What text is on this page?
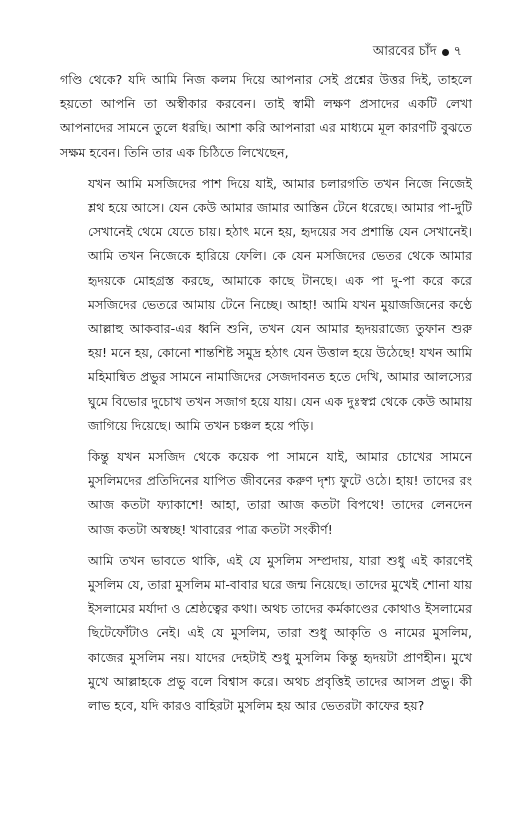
আরবের চাঁদ ৭

গণ্ডি থেকে? যদি আমি নিজ কলম দিয়ে আপনার সেই প্রশ্নের উত্তর দিই, তাহলে হয়তো আপনি তা অস্বীকার করবেন। তাই স্বামী লক্ষণ প্রসাদের একটি লেখা আপনাদের সামনে তুলে ধরছি। আশা করি আপনারা এর মাধ্যমে মূল কারণটি বুঝতে সক্ষম হবেন। তিনি তার এক চিঠিতে লিখেছেন,

যখন আমি মসজিদের পাশ দিয়ে যাই, আমার চলারগতি তখন নিজে নিজেই শ্লথ হয়ে আসে। যেন কেউ আমার জামার আস্তিন টেনে ধরেছে। আমার পা-দুটি সেখানেই থেমে যেতে চায়। হঠাৎ মনে হয়, হৃদয়ের সব প্রশান্তি যেন সেখানেই। আমি তখন নিজেকে হারিয়ে ফেলি। কে যেন মসজিদের ভেতর থেকে আমার হৃদয়কে মোহগ্রস্ত করছে, আমাকে কাছে টানছে। এক পা দু-পা করে করে মসজিদের ভেতরে আমায় টেনে নিচ্ছে। আহা! আমি যখন মুয়াজজিনের কণ্ঠে আল্লাহু আকবার-এর ধ্বনি শুনি, তখন যেন আমার হৃদয়রাজ্যে তুফান শুরু হয়! মনে হয়, কোনো শান্তশিষ্ট সমুদ্র হঠাৎ যেন উত্তাল হয়ে উঠেছে! যখন আমি মহিমান্বিত প্রভুর সামনে নামাজিদের সেজদাবনত হতে দেখি, আমার আলস্যের ঘুমে বিভোর দুচোখ তখন সজাগ হয়ে যায়। যেন এক দুঃস্বপ্ন থেকে কেউ আমায় জাগিয়ে দিয়েছে। আমি তখন চঞ্চল হয়ে পড়ি।

কিন্তু যখন মসজিদ থেকে কয়েক পা সামনে যাই, আমার চোখের সামনে মুসলিমদের প্রতিদিনের যাপিত জীবনের করুণ দৃশ্য ফুটে ওঠে। হায়! তাদের রং আজ কতটা ফ্যাকাশে! আহা, তারা আজ কতটা বিপথে! তাদের লেনদেন আজ কতটা অস্বচ্ছ! খাবারের পাত্র কতটা সংকীর্ণ!

আমি তখন ভাবতে থাকি, এই যে মুসলিম সম্প্রদায়, যারা শুধু এই কারণেই মুসলিম যে, তারা মুসলিম মা-বাবার ঘরে জন্ম নিয়েছে। তাদের মুখেই শোনা যায় ইসলামের মর্যাদা ও শ্রেষ্ঠত্বের কথা। অথচ তাদের কর্মকাণ্ডের কোথাও ইসলামের ছিটেফোঁটাও নেই। এই যে মুসলিম, তারা শুধু আকৃতি ও নামের মুসলিম, কাজের মুসলিম নয়। যাদের দেহটাই শুধু মুসলিম কিন্তু হৃদয়টা প্রাণহীন। মুখে মুখে আল্লাহকে প্রভু বলে বিশ্বাস করে। অথচ প্রবৃত্তিই তাদের আসল প্রভু। কী লাভ হবে, যদি কারও বাহিরটা মুসলিম হয় আর ভেতরটা কাফের হয়?
